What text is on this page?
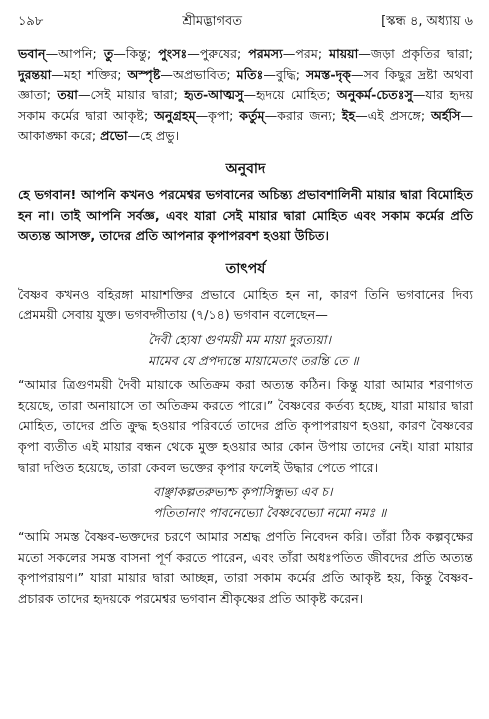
১৯৮	শ্রীমদ্ভাগবত	[স্কন্ধ ৪, অধ্যায় ৬
ভবান্—আপনি; তু—কিন্তু; পুংসঃ—পুরুষের; পরমস্য—পরম; মায়য়া—জড়া প্রকৃতির দ্বারা; দুরন্তয়া—মহা শক্তির; অস্পৃষ্ট—অপ্রভাবিত; মতিঃ—বুদ্ধি; সমস্ত-দৃক্—সব কিছুর দ্রষ্টা অথবা জ্ঞাতা; তয়া—সেই মায়ার দ্বারা; হৃত-আত্মসু—হৃদয়ে মোহিত; অনুকর্ম-চেতঃসু—যার হৃদয় সকাম কর্মের দ্বারা আকৃষ্ট; অনুগ্রহম্—কৃপা; কর্তুম্—করার জন্য; ইহ—এই প্রসঙ্গে; অর্হসি—আকাঙ্ক্ষা করে; প্রভো—হে প্রভু।
অনুবাদ

হে ভগবান! আপনি কখনও পরমেশ্বর ভগবানের অচিন্ত্য প্রভাবশালিনী মায়ার দ্বারা বিমোহিত হন না। তাই আপনি সর্বজ্ঞ, এবং যারা সেই মায়ার দ্বারা মোহিত এবং সকাম কর্মের প্রতি অত্যন্ত আসক্ত, তাদের প্রতি আপনার কৃপাপরবশ হওয়া উচিত।

তাৎপর্য

বৈষ্ণব কখনও বহিরঙ্গা মায়াশক্তির প্রভাবে মোহিত হন না, কারণ তিনি ভগবানের দিব্য প্রেমময়ী সেবায় যুক্ত। ভগবদ্গীতায় (৭/১৪) ভগবান বলেছেন—

দৈবী হ্যেষা গুণময়ী মম মায়া দুরত্যয়া।
মামেব যে প্রপদ্যন্তে মায়ামেতাং তরন্তি তে ॥

“আমার ত্রিগুণময়ী দৈবী মায়াকে অতিক্রম করা অত্যন্ত কঠিন। কিন্তু যারা আমার শরণাগত হয়েছে, তারা অনায়াসে তা অতিক্রম করতে পারে।” বৈষ্ণবের কর্তব্য হচ্ছে, যারা মায়ার দ্বারা মোহিত, তাদের প্রতি ক্রুদ্ধ হওয়ার পরিবর্তে তাদের প্রতি কৃপাপরায়ণ হওয়া, কারণ বৈষ্ণবের কৃপা ব্যতীত এই মায়ার বন্ধন থেকে মুক্ত হওয়ার আর কোন উপায় তাদের নেই। যারা মায়ার দ্বারা দণ্ডিত হয়েছে, তারা কেবল ভক্তের কৃপার ফলেই উদ্ধার পেতে পারে।

বাঞ্ছাকল্পতরুভ্যশ্চ কৃপাসিন্ধুভ্য এব চ।
পতিতানাং পাবনেভ্যো বৈষ্ণবেভ্যো নমো নমঃ ॥

“আমি সমস্ত বৈষ্ণব-ভক্তদের চরণে আমার সশ্রদ্ধ প্রণতি নিবেদন করি। তাঁরা ঠিক কল্পবৃক্ষের মতো সকলের সমস্ত বাসনা পূর্ণ করতে পারেন, এবং তাঁরা অধঃপতিত জীবদের প্রতি অত্যন্ত কৃপাপরায়ণ।” যারা মায়ার দ্বারা আচ্ছন্ন, তারা সকাম কর্মের প্রতি আকৃষ্ট হয়, কিন্তু বৈষ্ণব-প্রচারক তাদের হৃদয়কে পরমেশ্বর ভগবান শ্রীকৃষ্ণের প্রতি আকৃষ্ট করেন।
